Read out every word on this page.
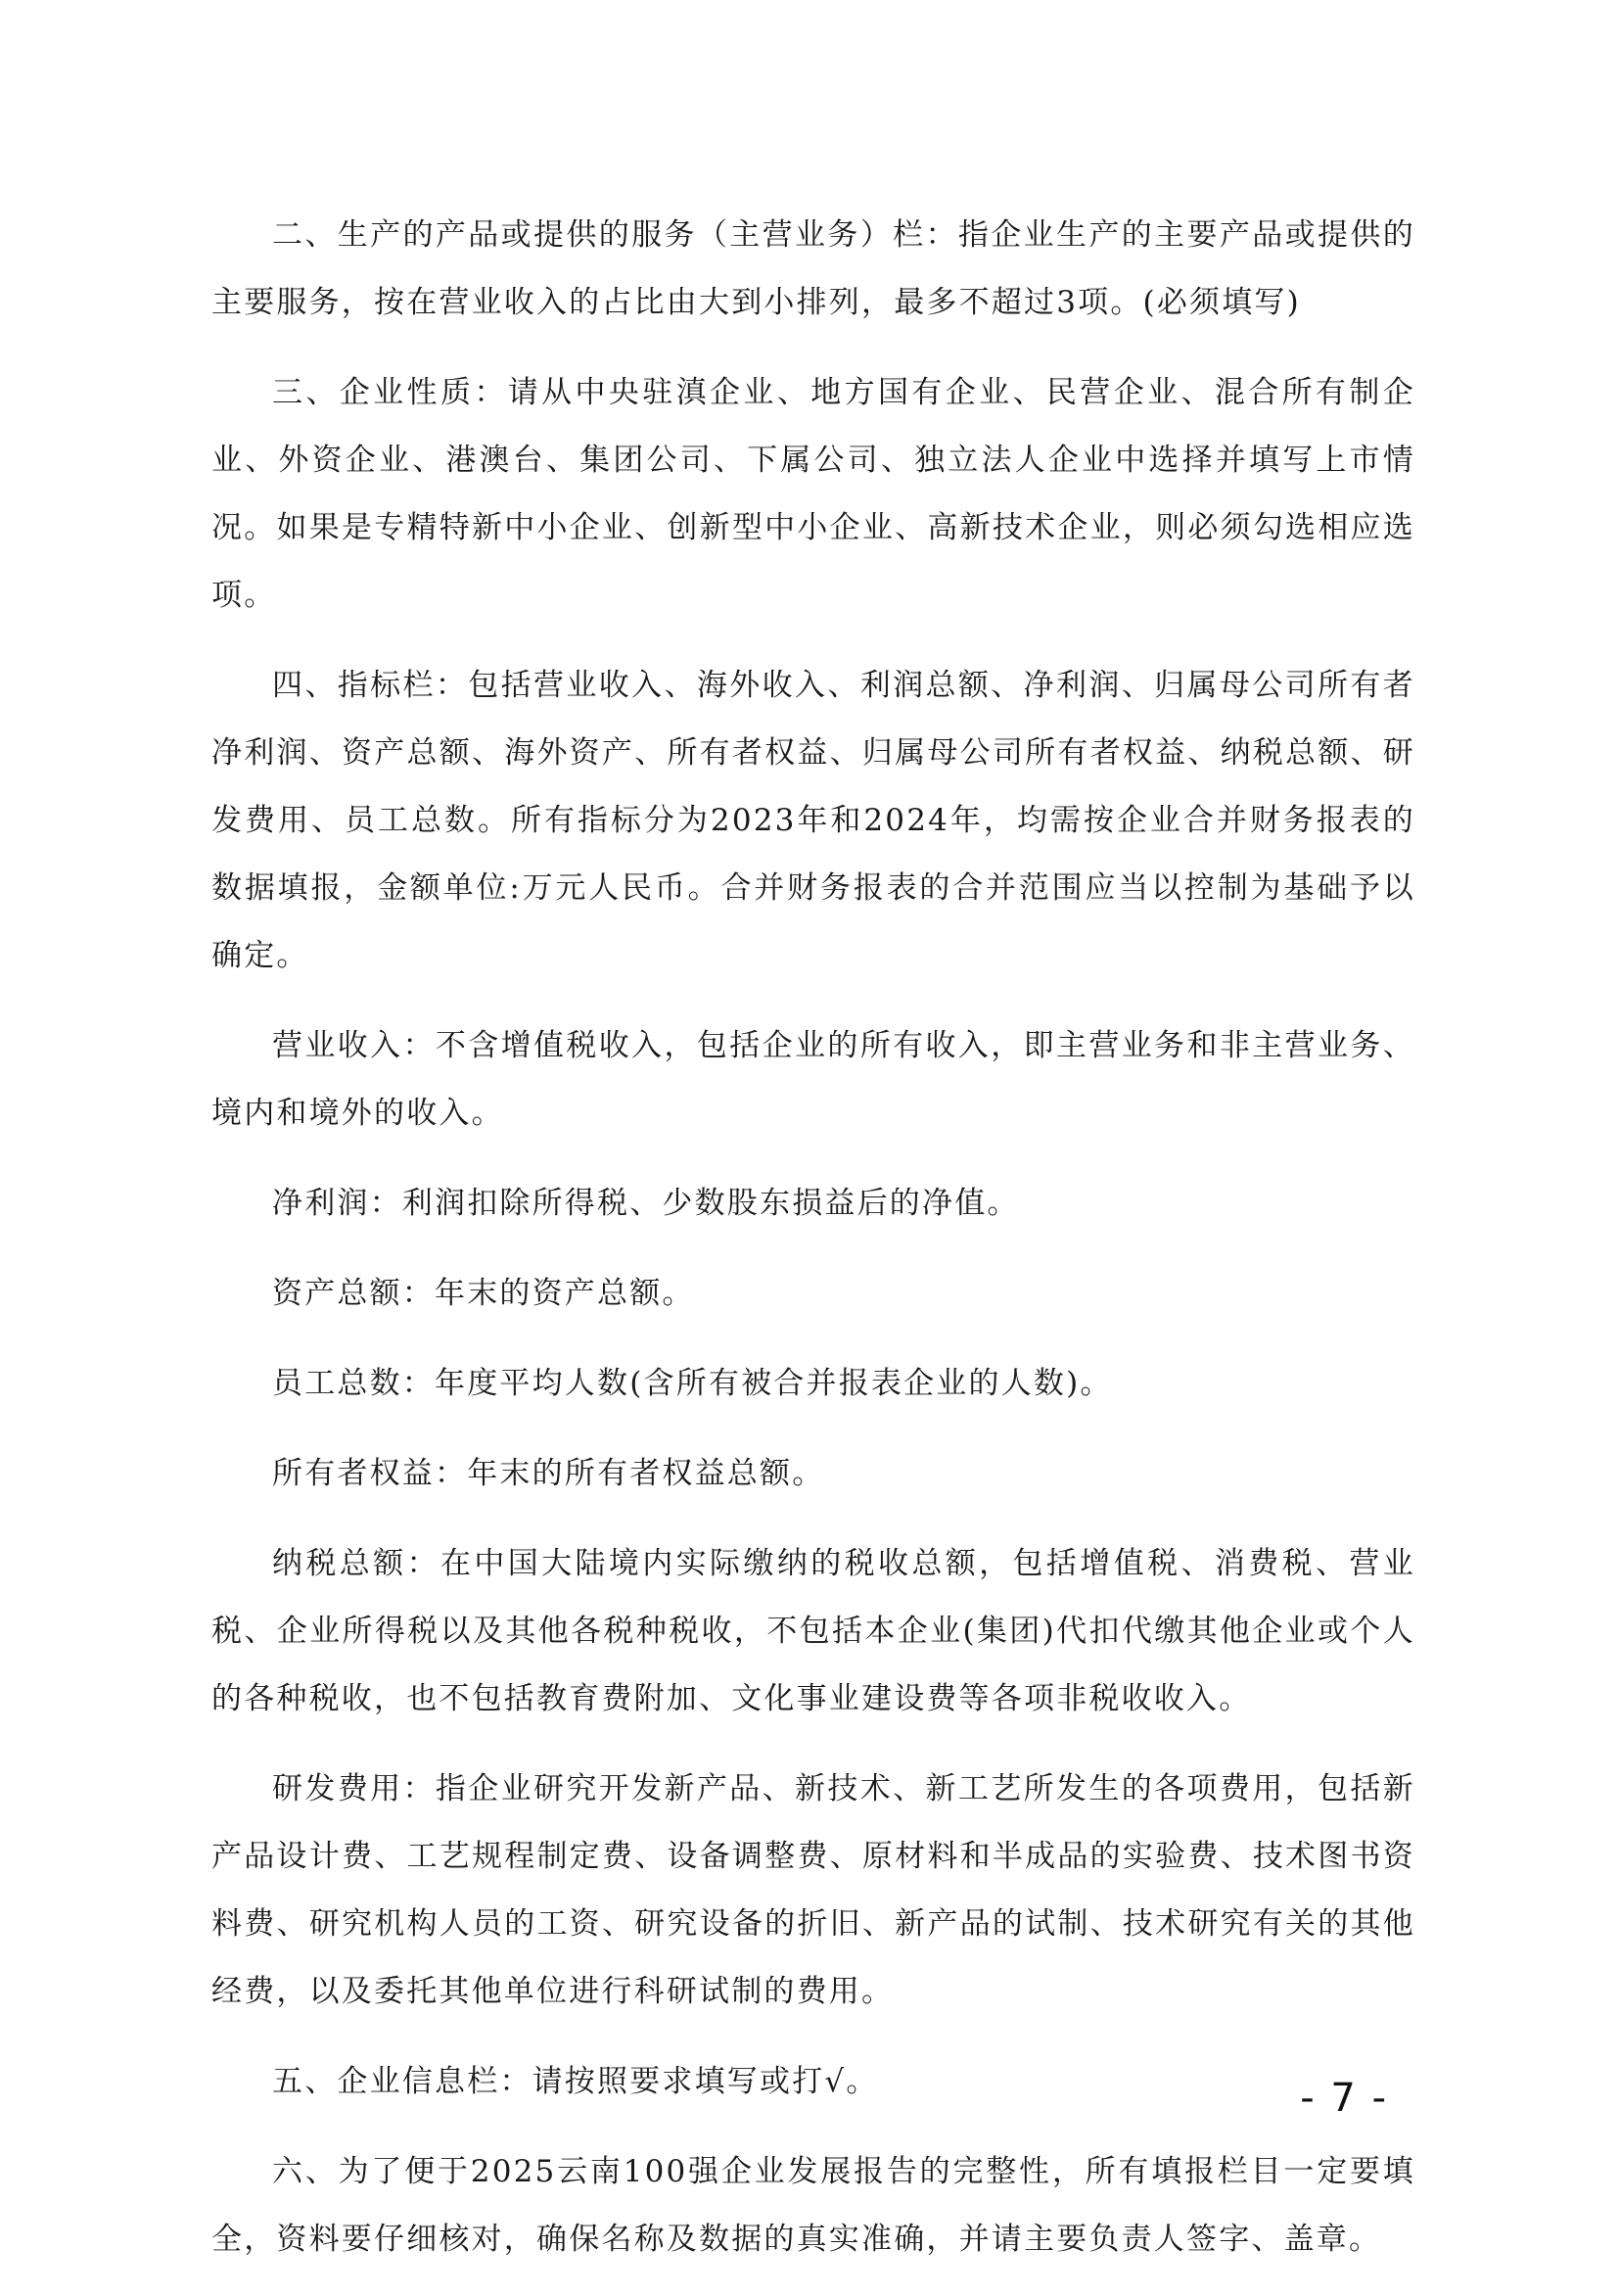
二、生产的产品或提供的服务（主营业务）栏：指企业生产的主要产品或提供的主要服务，按在营业收入的占比由大到小排列，最多不超过3项。(必须填写)

三、企业性质：请从中央驻滇企业、地方国有企业、民营企业、混合所有制企业、外资企业、港澳台、集团公司、下属公司、独立法人企业中选择并填写上市情况。如果是专精特新中小企业、创新型中小企业、高新技术企业，则必须勾选相应选项。

四、指标栏：包括营业收入、海外收入、利润总额、净利润、归属母公司所有者净利润、资产总额、海外资产、所有者权益、归属母公司所有者权益、纳税总额、研发费用、员工总数。所有指标分为2023年和2024年，均需按企业合并财务报表的数据填报，金额单位:万元人民币。合并财务报表的合并范围应当以控制为基础予以确定。

营业收入：不含增值税收入，包括企业的所有收入，即主营业务和非主营业务、境内和境外的收入。

净利润：利润扣除所得税、少数股东损益后的净值。

资产总额：年末的资产总额。

员工总数：年度平均人数(含所有被合并报表企业的人数)。

所有者权益：年末的所有者权益总额。

纳税总额：在中国大陆境内实际缴纳的税收总额，包括增值税、消费税、营业税、企业所得税以及其他各税种税收，不包括本企业(集团)代扣代缴其他企业或个人的各种税收，也不包括教育费附加、文化事业建设费等各项非税收收入。

研发费用：指企业研究开发新产品、新技术、新工艺所发生的各项费用，包括新产品设计费、工艺规程制定费、设备调整费、原材料和半成品的实验费、技术图书资料费、研究机构人员的工资、研究设备的折旧、新产品的试制、技术研究有关的其他经费，以及委托其他单位进行科研试制的费用。

五、企业信息栏：请按照要求填写或打√。

六、为了便于2025云南100强企业发展报告的完整性，所有填报栏目一定要填全，资料要仔细核对，确保名称及数据的真实准确，并请主要负责人签字、盖章。

- 7 -
